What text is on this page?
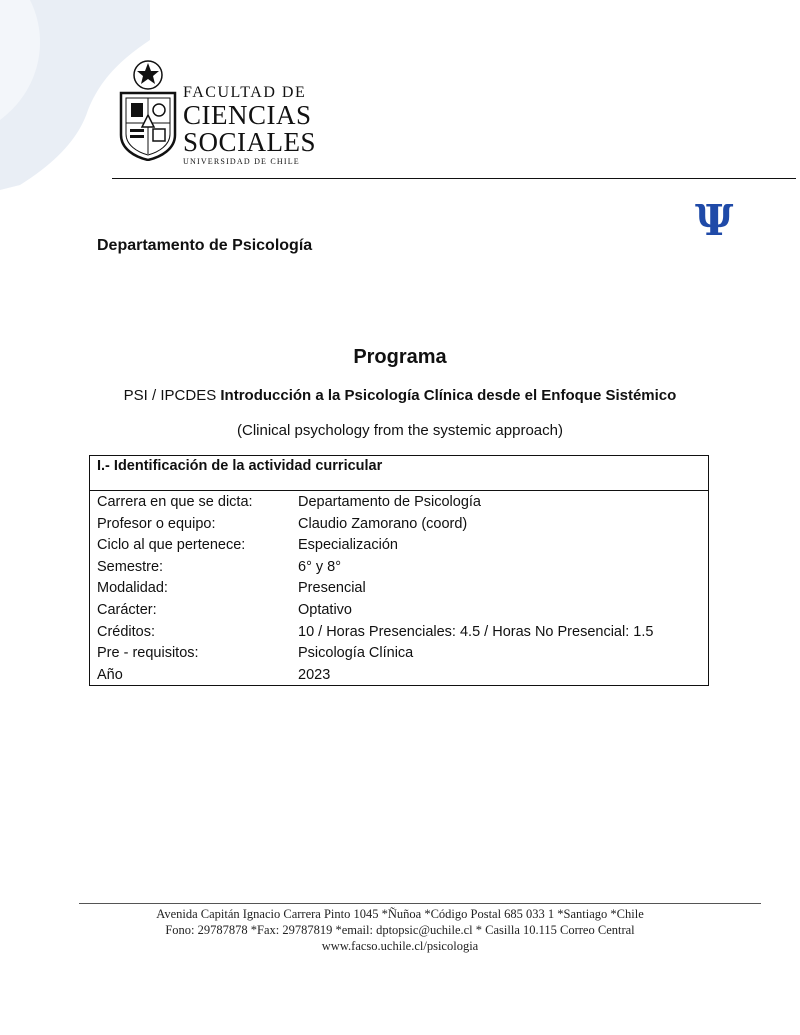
FACULTAD DE
CIENCIAS
SOCIALES
UNIVERSIDAD DE CHILE
Ψ
Departamento de Psicología
Programa
PSI / IPCDES Introducción a la Psicología Clínica desde el Enfoque Sistémico
(Clinical psychology from the systemic approach)
I.- Identificación de la actividad curricular
Carrera en que se dicta:	Departamento de Psicología
Profesor o equipo:	Claudio Zamorano (coord)
Ciclo al que pertenece:	Especialización
Semestre:	6° y 8°
Modalidad:	Presencial
Carácter:	Optativo
Créditos:	10 / Horas Presenciales: 4.5 / Horas No Presencial: 1.5
Pre - requisitos:	Psicología Clínica
Año	2023
Avenida Capitán Ignacio Carrera Pinto 1045 *Ñuñoa *Código Postal 685 033 1 *Santiago *Chile
Fono: 29787878 *Fax: 29787819 *email: dptopsic@uchile.cl * Casilla 10.115 Correo Central
www.facso.uchile.cl/psicologia
